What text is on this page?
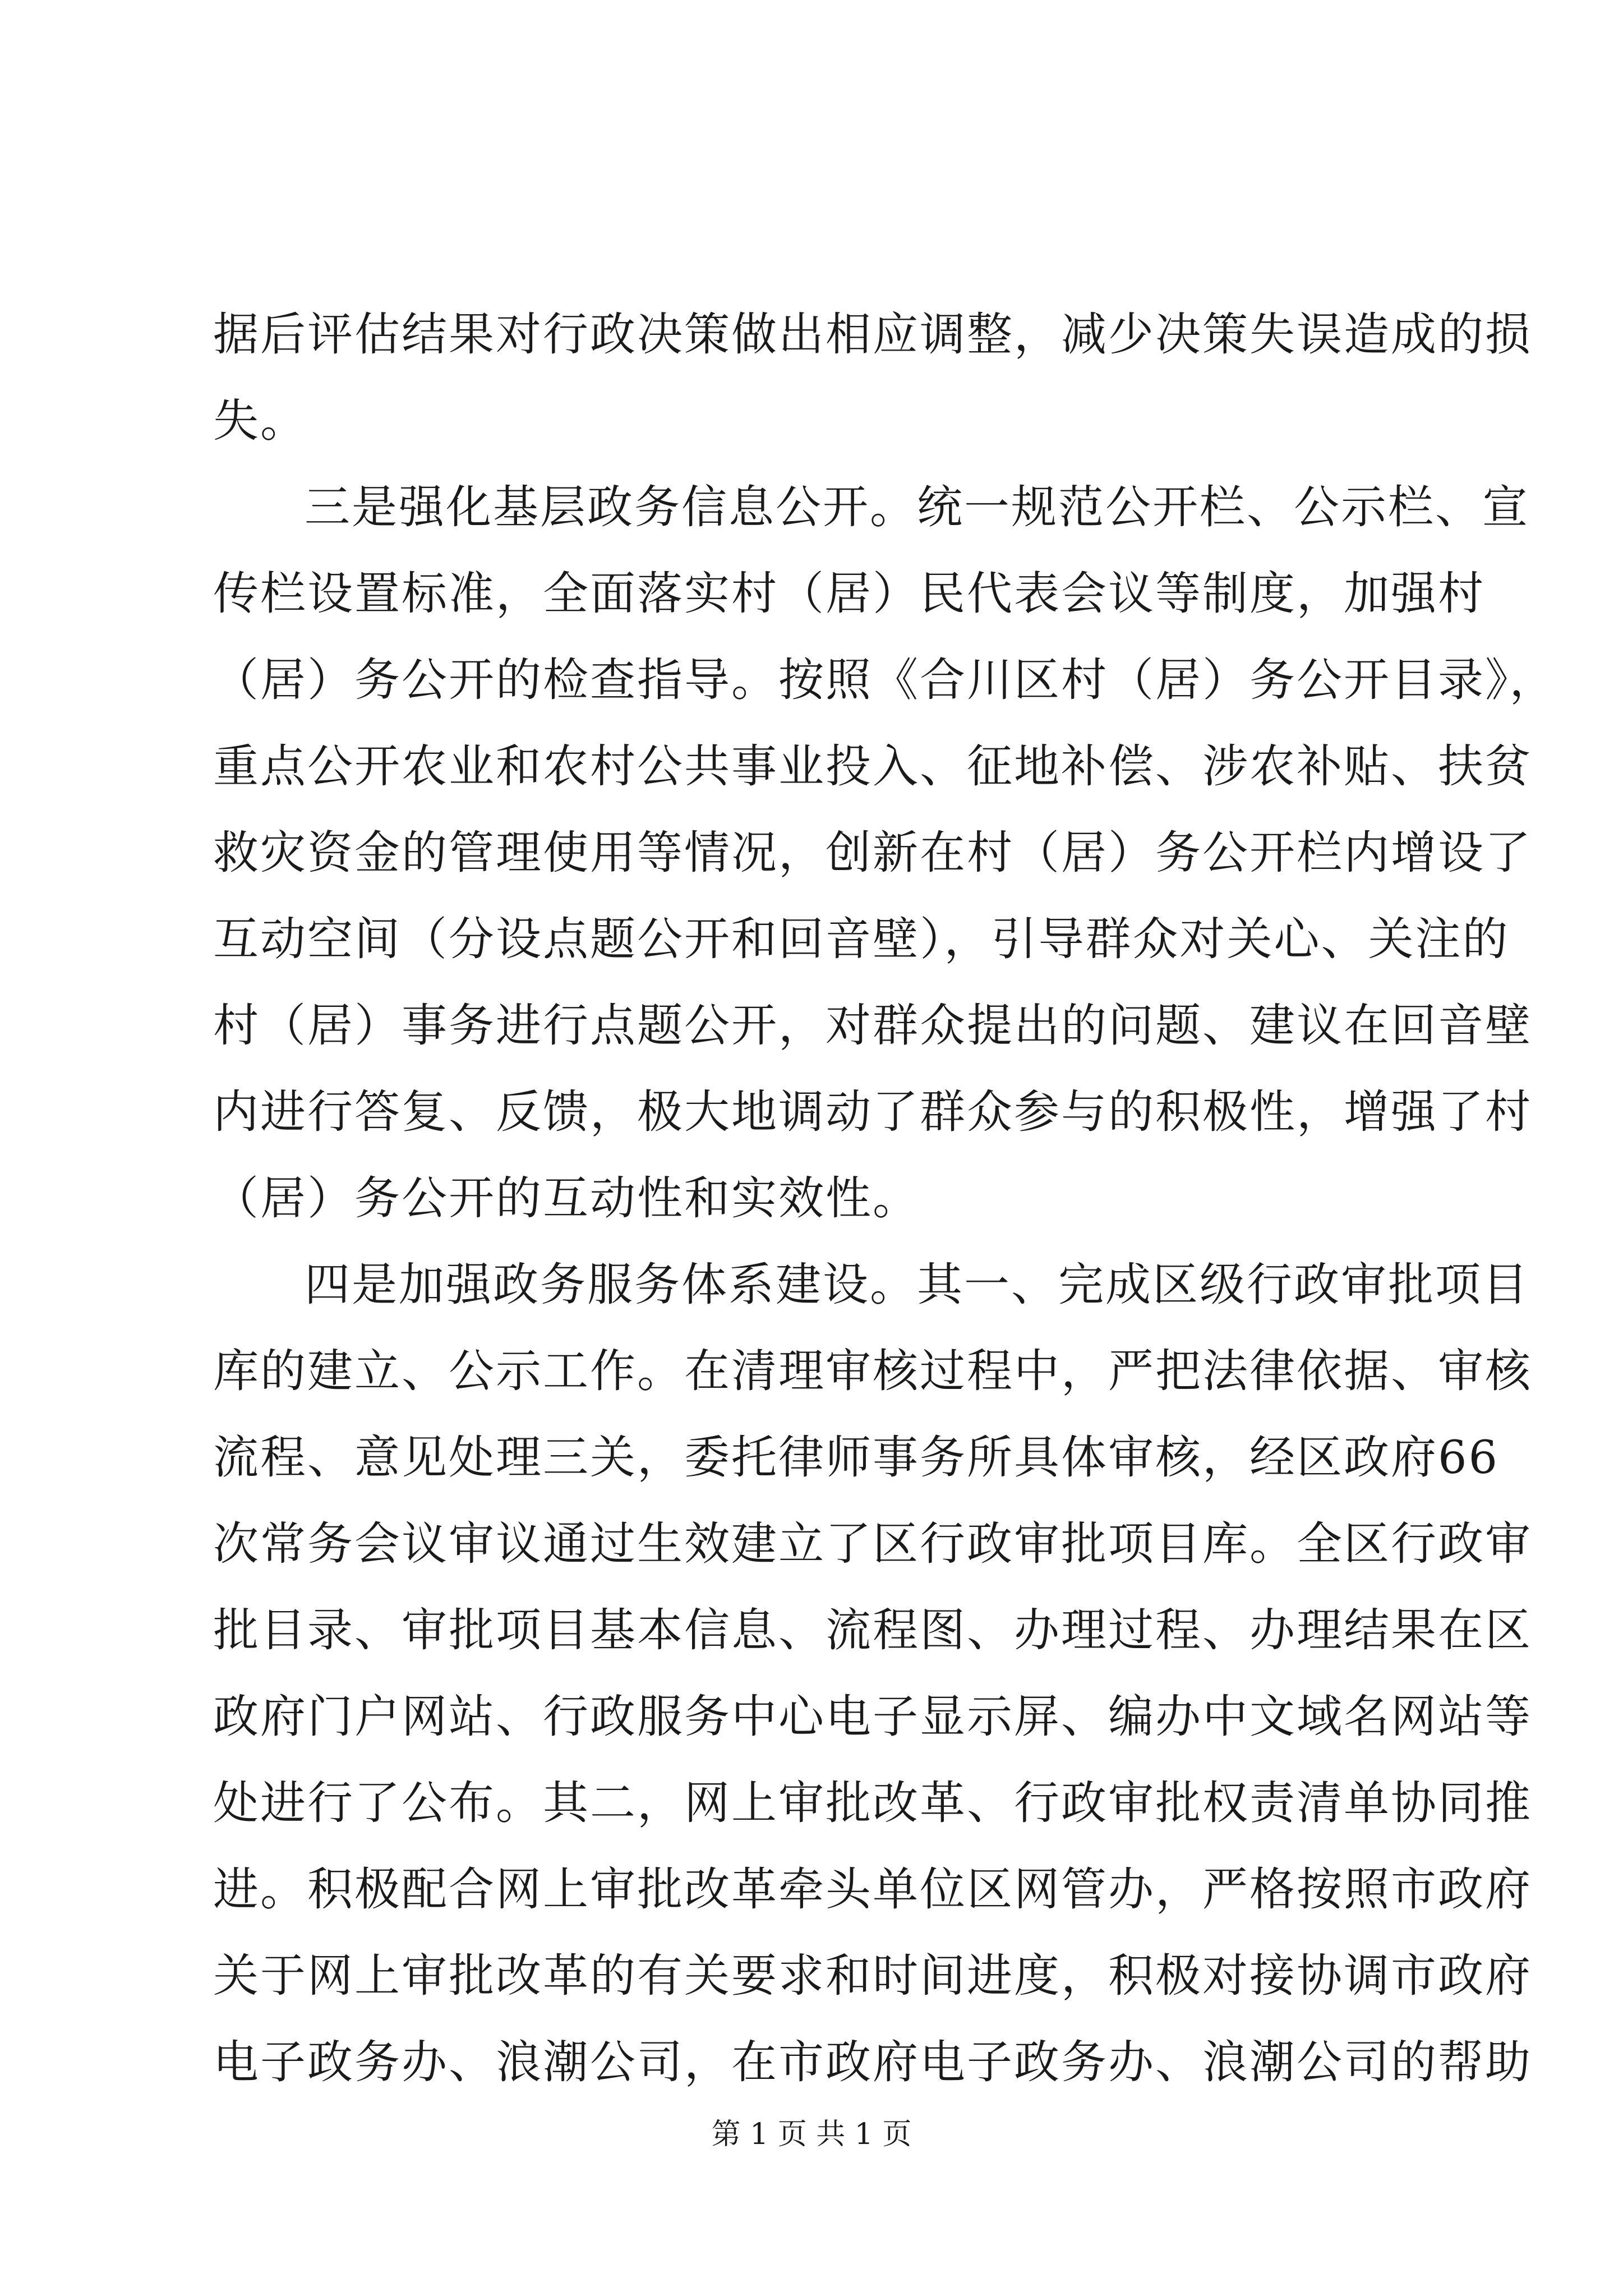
据后评估结果对行政决策做出相应调整，减少决策失误造成的损
失。
三是强化基层政务信息公开。统一规范公开栏、公示栏、宣
传栏设置标准，全面落实村（居）民代表会议等制度，加强村
（居）务公开的检查指导。按照《合川区村（居）务公开目录》，
重点公开农业和农村公共事业投入、征地补偿、涉农补贴、扶贫
救灾资金的管理使用等情况，创新在村（居）务公开栏内增设了
互动空间（分设点题公开和回音壁），引导群众对关心、关注的
村（居）事务进行点题公开，对群众提出的问题、建议在回音壁
内进行答复、反馈，极大地调动了群众参与的积极性，增强了村
（居）务公开的互动性和实效性。
四是加强政务服务体系建设。其一、完成区级行政审批项目
库的建立、公示工作。在清理审核过程中，严把法律依据、审核
流程、意见处理三关，委托律师事务所具体审核，经区政府66
次常务会议审议通过生效建立了区行政审批项目库。全区行政审
批目录、审批项目基本信息、流程图、办理过程、办理结果在区
政府门户网站、行政服务中心电子显示屏、编办中文域名网站等
处进行了公布。其二，网上审批改革、行政审批权责清单协同推
进。积极配合网上审批改革牵头单位区网管办，严格按照市政府
关于网上审批改革的有关要求和时间进度，积极对接协调市政府
电子政务办、浪潮公司，在市政府电子政务办、浪潮公司的帮助
第 1 页 共 1 页
